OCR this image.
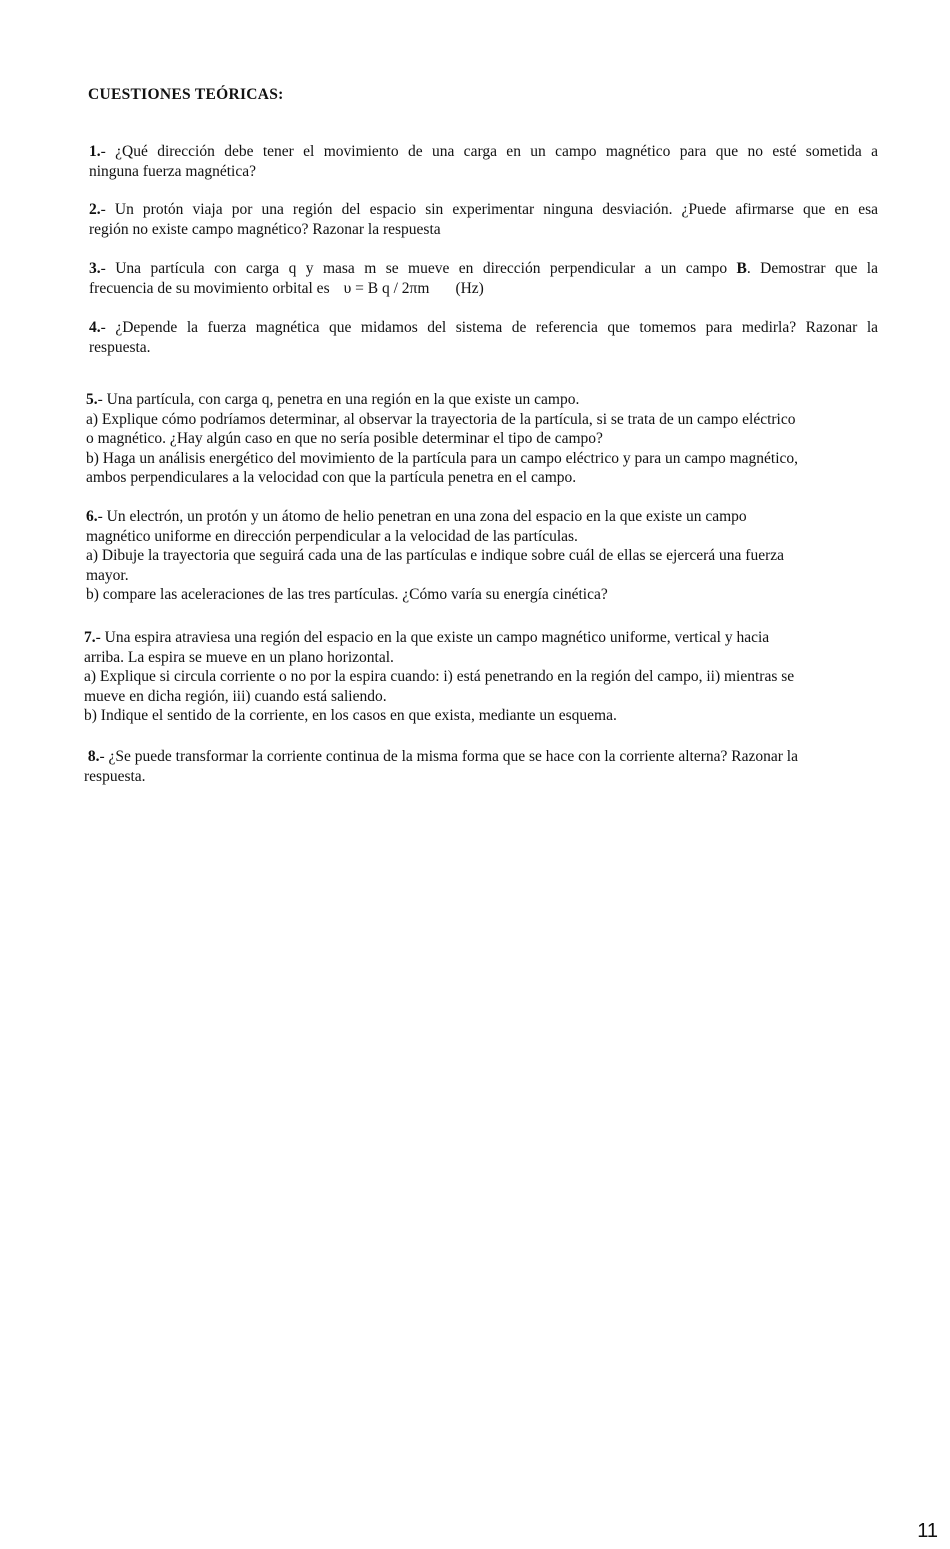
CUESTIONES TEÓRICAS:

1.- ¿Qué dirección debe tener el movimiento de una carga en un campo magnético para que no esté sometida a
ninguna fuerza magnética?

2.- Un protón viaja por una región del espacio sin experimentar ninguna desviación. ¿Puede afirmarse que en esa
región no existe campo magnético? Razonar la respuesta

3.- Una partícula con carga q y masa m se mueve en dirección perpendicular a un campo B. Demostrar que la
frecuencia de su movimiento orbital es υ = B q / 2πm (Hz)

4.- ¿Depende la fuerza magnética que midamos del sistema de referencia que tomemos para medirla? Razonar la
respuesta.

5.- Una partícula, con carga q, penetra en una región en la que existe un campo.
a) Explique cómo podríamos determinar, al observar la trayectoria de la partícula, si se trata de un campo eléctrico
o magnético. ¿Hay algún caso en que no sería posible determinar el tipo de campo?
b) Haga un análisis energético del movimiento de la partícula para un campo eléctrico y para un campo magnético,
ambos perpendiculares a la velocidad con que la partícula penetra en el campo.

6.- Un electrón, un protón y un átomo de helio penetran en una zona del espacio en la que existe un campo
magnético uniforme en dirección perpendicular a la velocidad de las partículas.
a) Dibuje la trayectoria que seguirá cada una de las partículas e indique sobre cuál de ellas se ejercerá una fuerza
mayor.
b) compare las aceleraciones de las tres partículas. ¿Cómo varía su energía cinética?

7.- Una espira atraviesa una región del espacio en la que existe un campo magnético uniforme, vertical y hacia
arriba. La espira se mueve en un plano horizontal.
a) Explique si circula corriente o no por la espira cuando: i) está penetrando en la región del campo, ii) mientras se
mueve en dicha región, iii) cuando está saliendo.
b) Indique el sentido de la corriente, en los casos en que exista, mediante un esquema.

8.- ¿Se puede transformar la corriente continua de la misma forma que se hace con la corriente alterna? Razonar la
respuesta.

11
